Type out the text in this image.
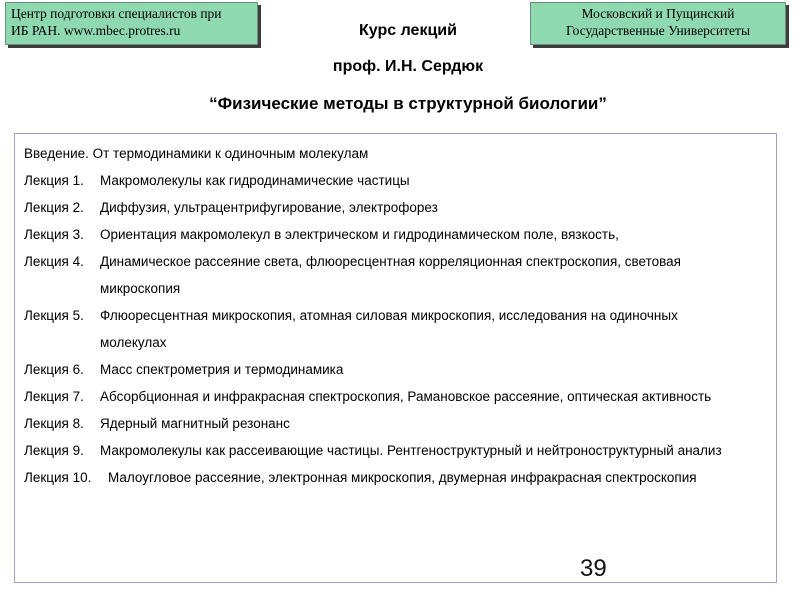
Центр подготовки специалистов при
ИБ РАН. www.mbec.protres.ru
Московский и Пущинский
Государственные Университеты
Курс лекций
проф. И.Н. Сердюк
“Физические методы в структурной биологии”
Введение. От термодинамики к одиночным молекулам
Лекция 1.	Макромолекулы как гидродинамические частицы
Лекция 2.	Диффузия, ультрацентрифугирование, электрофорез
Лекция 3.	Ориентация макромолекул в электрическом и гидродинамическом поле, вязкость,
Лекция 4.	Динамическое рассеяние света, флюоресцентная корреляционная спектроскопия, световая микроскопия
Лекция 5.	Флюоресцентная микроскопия, атомная силовая микроскопия, исследования на одиночных молекулах
Лекция 6.	Масс спектрометрия и термодинамика
Лекция 7.	Абсорбционная и инфракрасная спектроскопия, Рамановское рассеяние, оптическая активность
Лекция 8.	Ядерный магнитный резонанс
Лекция 9.	Макромолекулы как рассеивающие частицы. Рентгеноструктурный и нейтроноструктурный анализ
Лекция 10.	Малоугловое рассеяние, электронная микроскопия, двумерная инфракрасная спектроскопия
39
